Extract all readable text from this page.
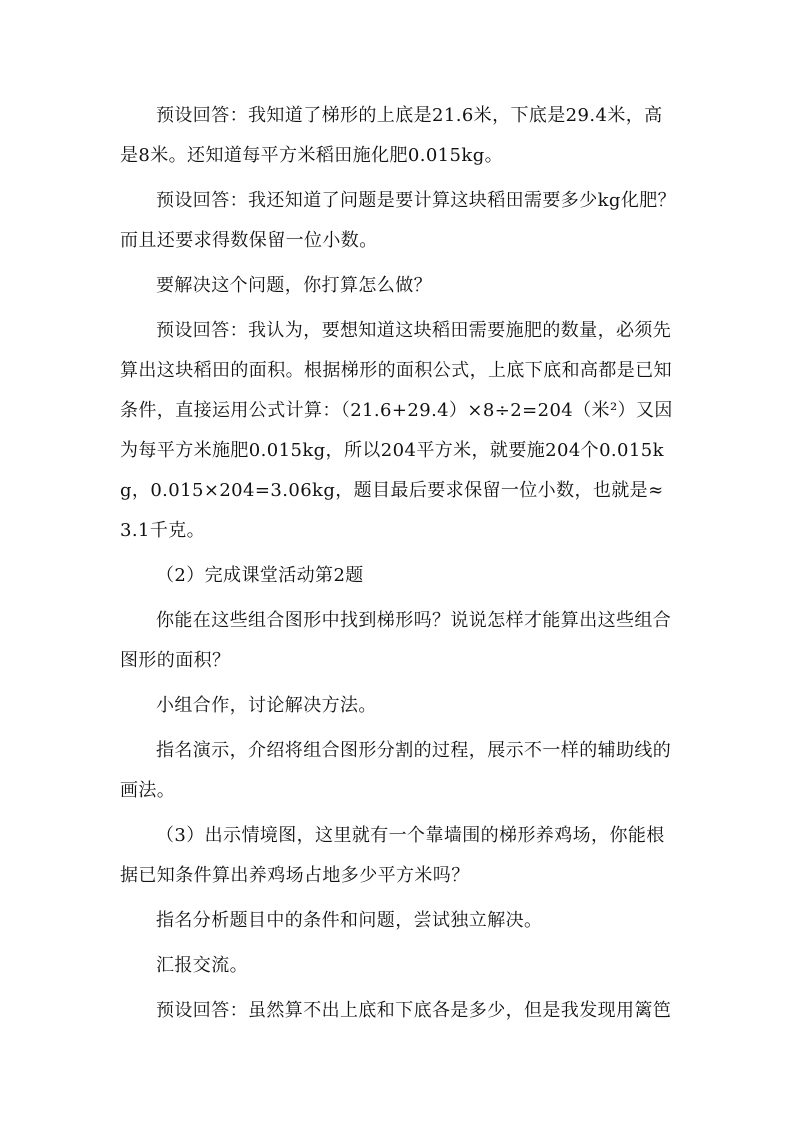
预设回答：我知道了梯形的上底是21.6米，下底是29.4米，高是8米。还知道每平方米稻田施化肥0.015kg。

预设回答：我还知道了问题是要计算这块稻田需要多少kg化肥？而且还要求得数保留一位小数。

要解决这个问题，你打算怎么做？

预设回答：我认为，要想知道这块稻田需要施肥的数量，必须先算出这块稻田的面积。根据梯形的面积公式，上底下底和高都是已知条件，直接运用公式计算：（21.6+29.4）×8÷2=204（米²）又因为每平方米施肥0.015kg，所以204平方米，就要施204个0.015kg，0.015×204=3.06kg，题目最后要求保留一位小数，也就是≈3.1千克。

（2）完成课堂活动第2题

你能在这些组合图形中找到梯形吗？说说怎样才能算出这些组合图形的面积？

小组合作，讨论解决方法。

指名演示，介绍将组合图形分割的过程，展示不一样的辅助线的画法。

（3）出示情境图，这里就有一个靠墙围的梯形养鸡场，你能根据已知条件算出养鸡场占地多少平方米吗？

指名分析题目中的条件和问题，尝试独立解决。

汇报交流。

预设回答：虽然算不出上底和下底各是多少，但是我发现用篱笆
